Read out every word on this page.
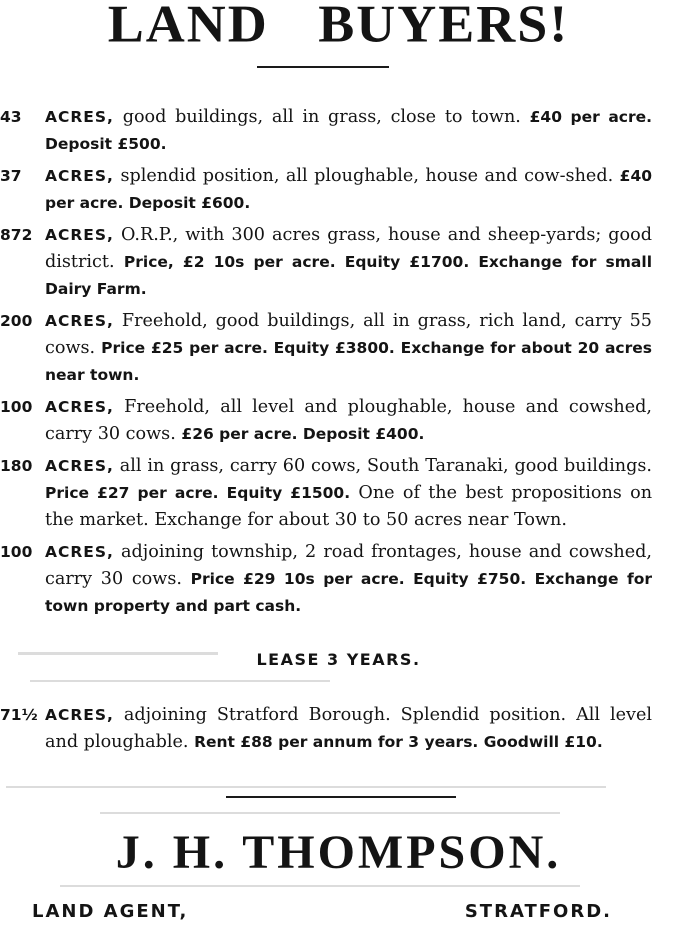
LAND BUYERS!
43 ACRES, good buildings, all in grass, close to town. £40 per acre. Deposit £500.
37 ACRES, splendid position, all ploughable, house and cow-shed. £40 per acre. Deposit £600.
872 ACRES, O.R.P., with 300 acres grass, house and sheep-yards; good district. Price, £2 10s per acre. Equity £1700. Exchange for small Dairy Farm.
200 ACRES, Freehold, good buildings, all in grass, rich land, carry 55 cows. Price £25 per acre. Equity £3800. Exchange for about 20 acres near town.
100 ACRES, Freehold, all level and ploughable, house and cowshed, carry 30 cows. £26 per acre. Deposit £400.
180 ACRES, all in grass, carry 60 cows, South Taranaki, good buildings. Price £27 per acre. Equity £1500. One of the best propositions on the market. Exchange for about 30 to 50 acres near Town.
100 ACRES, adjoining township, 2 road frontages, house and cowshed, carry 30 cows. Price £29 10s per acre. Equity £750. Exchange for town property and part cash.
LEASE 3 YEARS.
71½ ACRES, adjoining Stratford Borough. Splendid position. All level and ploughable. Rent £88 per annum for 3 years. Goodwill £10.
J. H. THOMPSON.
LAND AGENT,	STRATFORD.
